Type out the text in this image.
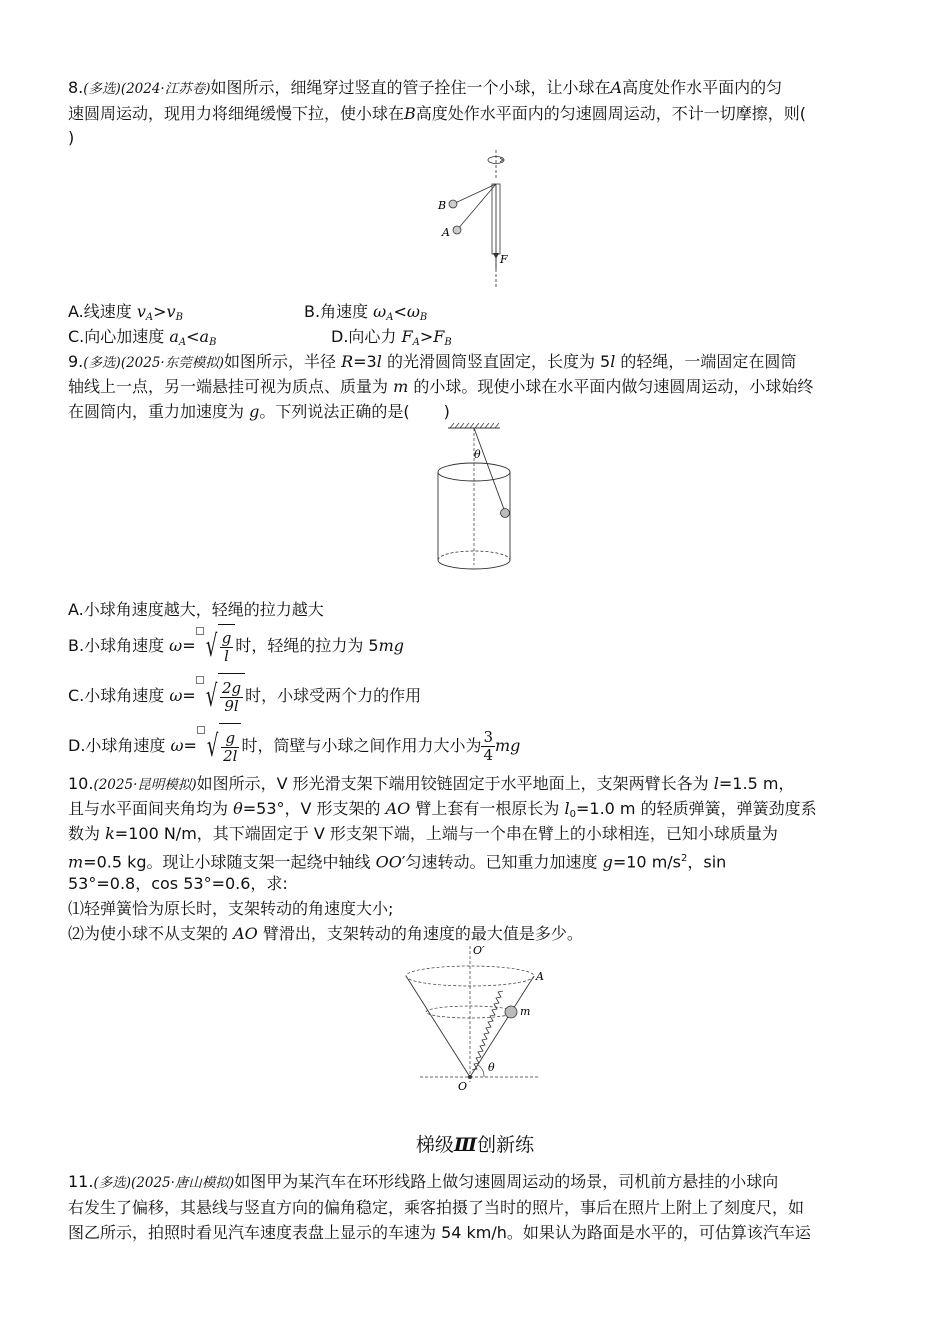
8.(多选)(2024·江苏卷)如图所示，细绳穿过竖直的管子拴住一个小球，让小球在A高度处作水平面内的匀
速圆周运动，现用力将细绳缓慢下拉，使小球在B高度处作水平面内的匀速圆周运动，不计一切摩擦，则(
)
B
A
F
A.线速度 $v_A>v_B$	B.角速度 $\omega_A<\omega_B$
C.向心加速度 $a_A<a_B$	D.向心力 $F_A>F_B$
9.(多选)(2025·东莞模拟)如图所示，半径 R=3l 的光滑圆筒竖直固定，长度为 5l 的轻绳，一端固定在圆筒
轴线上一点，另一端悬挂可视为质点、质量为 m 的小球。现使小球在水平面内做匀速圆周运动，小球始终
在圆筒内，重力加速度为 g。下列说法正确的是( )
θ
A.小球角速度越大，轻绳的拉力越大
B.小球角速度 ω= √ $\frac{g}{l}$ 时，轻绳的拉力为 5mg
C.小球角速度 ω= √ $\frac{2g}{9l}$ 时，小球受两个力的作用
D.小球角速度 ω= √ $\frac{g}{2l}$ 时，筒壁与小球之间作用力大小为 $\frac{3}{4}$ mg
10.(2025·昆明模拟)如图所示，V 形光滑支架下端用铰链固定于水平地面上，支架两臂长各为 l=1.5 m，
且与水平面间夹角均为 θ=53°，V 形支架的 AO 臂上套有一根原长为 $l_0=1.0$ m 的轻质弹簧，弹簧劲度系
数为 k=100 N/m，其下端固定于 V 形支架下端，上端与一个串在臂上的小球相连，已知小球质量为
m=0.5 kg。现让小球随支架一起绕中轴线 OO′匀速转动。已知重力加速度 g=10 $m/s^2$，sin
53°=0.8，cos 53°=0.6，求:
⑴轻弹簧恰为原长时，支架转动的角速度大小;
⑵为使小球不从支架的 AO 臂滑出，支架转动的角速度的最大值是多少。
O′
A
m
θ
O
梯级Ⅲ创新练
11.(多选)(2025·唐山模拟)如图甲为某汽车在环形线路上做匀速圆周运动的场景，司机前方悬挂的小球向
右发生了偏移，其悬线与竖直方向的偏角稳定，乘客拍摄了当时的照片，事后在照片上附上了刻度尺，如
图乙所示，拍照时看见汽车速度表盘上显示的车速为 54 km/h。如果认为路面是水平的，可估算该汽车运
